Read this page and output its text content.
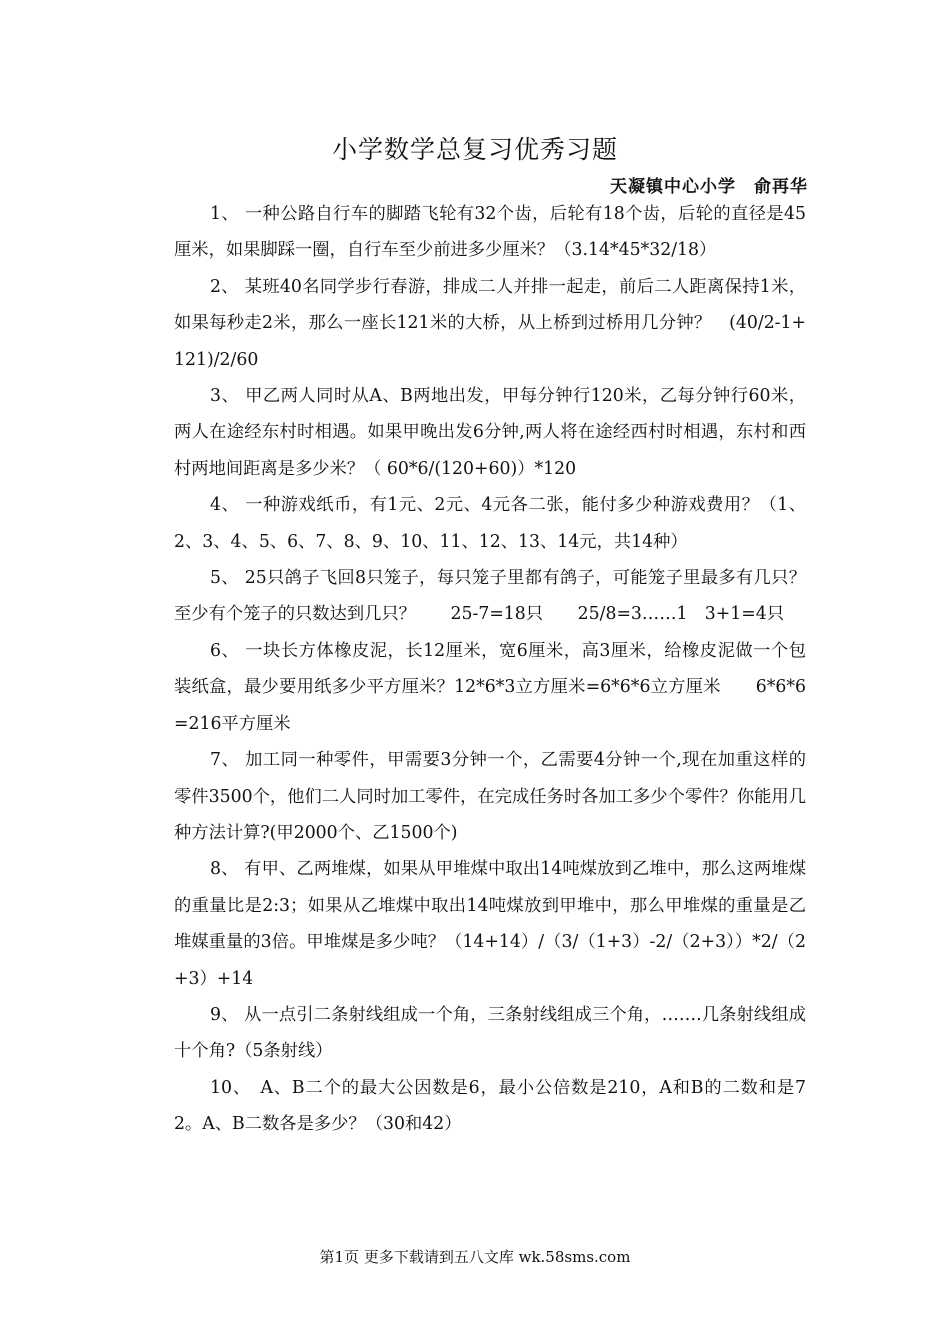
小学数学总复习优秀习题
天凝镇中心小学　俞再华

1、 一种公路自行车的脚踏飞轮有32个齿，后轮有18个齿，后轮的直径是45厘米，如果脚踩一圈，自行车至少前进多少厘米？（3.14*45*32/18）

2、 某班40名同学步行春游，排成二人并排一起走，前后二人距离保持1米，如果每秒走2米，那么一座长121米的大桥，从上桥到过桥用几分钟？　(40/2-1+121)/2/60

3、 甲乙两人同时从A、B两地出发，甲每分钟行120米，乙每分钟行60米，两人在途经东村时相遇。如果甲晚出发6分钟,两人将在途经西村时相遇，东村和西村两地间距离是多少米？（ 60*6/(120+60)）*120

4、 一种游戏纸币，有1元、2元、4元各二张，能付多少种游戏费用？（1、2、3、4、5、6、7、8、9、10、11、12、13、14元，共14种）

5、 25只鸽子飞回8只笼子，每只笼子里都有鸽子，可能笼子里最多有几只？至少有个笼子的只数达到几只？　　25-7=18只　　25/8=3……1　3+1=4只

6、 一块长方体橡皮泥，长12厘米，宽6厘米，高3厘米，给橡皮泥做一个包装纸盒，最少要用纸多少平方厘米？12*6*3立方厘米=6*6*6立方厘米　　6*6*6=216平方厘米

7、 加工同一种零件，甲需要3分钟一个，乙需要4分钟一个,现在加重这样的零件3500个，他们二人同时加工零件，在完成任务时各加工多少个零件？你能用几种方法计算?(甲2000个、乙1500个)

8、 有甲、乙两堆煤，如果从甲堆煤中取出14吨煤放到乙堆中，那么这两堆煤的重量比是2:3；如果从乙堆煤中取出14吨煤放到甲堆中，那么甲堆煤的重量是乙堆媒重量的3倍。甲堆煤是多少吨？（14+14）/（3/（1+3）-2/（2+3））*2/（2+3）+14

9、 从一点引二条射线组成一个角，三条射线组成三个角，…….几条射线组成十个角?（5条射线）

10、　A、B二个的最大公因数是6，最小公倍数是210，A和B的二数和是72。A、B二数各是多少？（30和42）

第1页 更多下载请到五八文库 wk.58sms.com
